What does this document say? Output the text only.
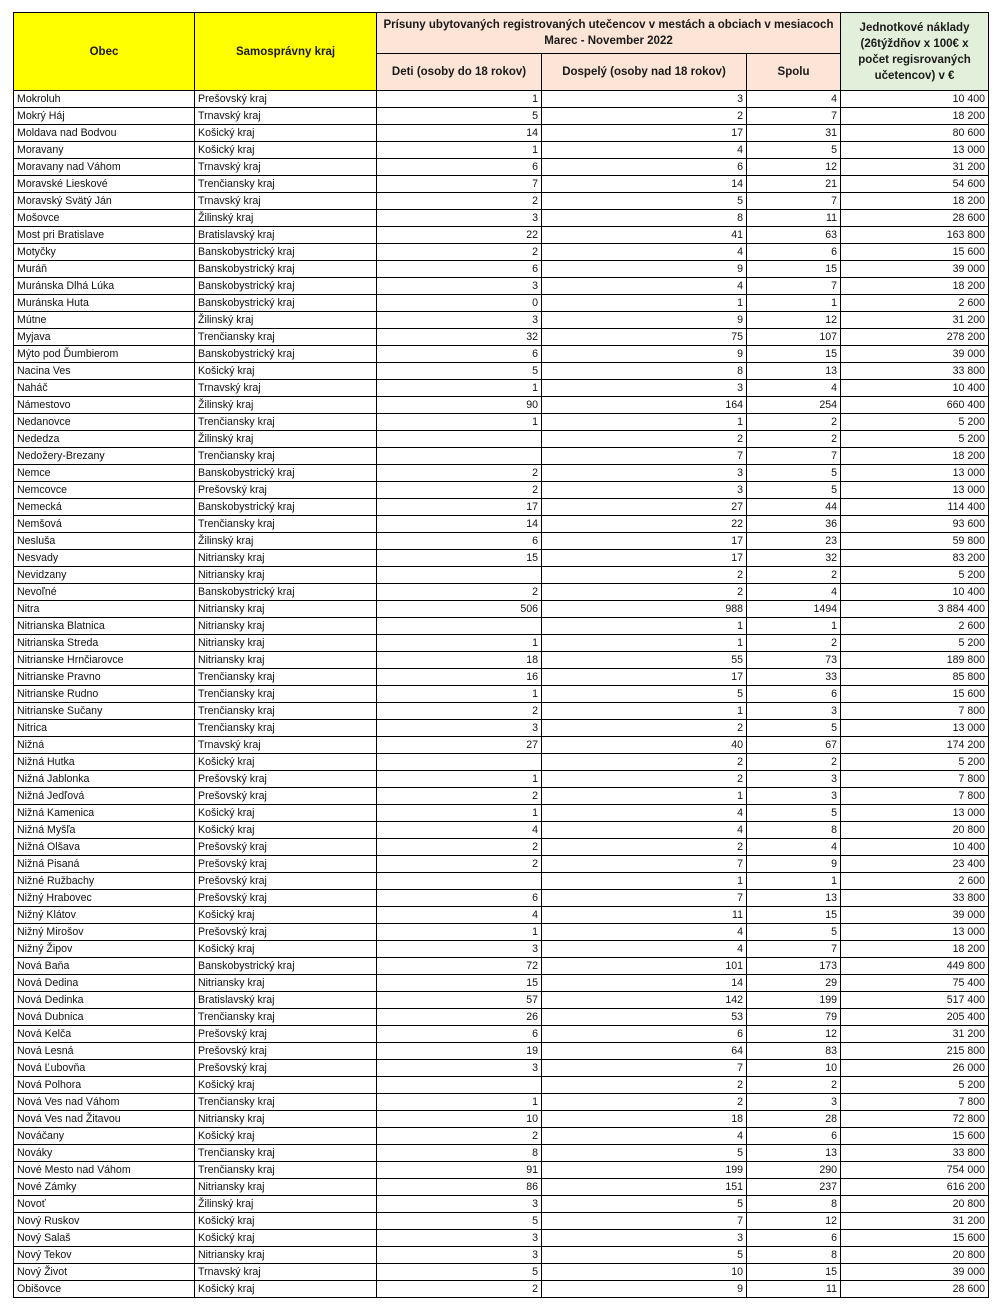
Obec	Samosprávny kraj	Prísuny ubytovaných registrovaných utečencov v mestách a obciach v mesiacoch Marec - November 2022			Jednotkové náklady (26týždňov x 100€ x počet regisrovaných učetencov) v €
		Deti (osoby do 18 rokov)	Dospelý (osoby nad 18 rokov)	Spolu	
Mokroluh	Prešovský kraj	1	3	4	10 400
Mokrý Háj	Trnavský kraj	5	2	7	18 200
Moldava nad Bodvou	Košický kraj	14	17	31	80 600
Moravany	Košický kraj	1	4	5	13 000
Moravany nad Váhom	Trnavský kraj	6	6	12	31 200
Moravské Lieskové	Trenčiansky kraj	7	14	21	54 600
Moravský Svätý Ján	Trnavský kraj	2	5	7	18 200
Mošovce	Žilinský kraj	3	8	11	28 600
Most pri Bratislave	Bratislavský kraj	22	41	63	163 800
Motyčky	Banskobystrický kraj	2	4	6	15 600
Muráň	Banskobystrický kraj	6	9	15	39 000
Muránska Dlhá Lúka	Banskobystrický kraj	3	4	7	18 200
Muránska Huta	Banskobystrický kraj	0	1	1	2 600
Mútne	Žilinský kraj	3	9	12	31 200
Myjava	Trenčiansky kraj	32	75	107	278 200
Mýto pod Ďumbierom	Banskobystrický kraj	6	9	15	39 000
Nacina Ves	Košický kraj	5	8	13	33 800
Naháč	Trnavský kraj	1	3	4	10 400
Námestovo	Žilinský kraj	90	164	254	660 400
Nedanovce	Trenčiansky kraj	1	1	2	5 200
Nededza	Žilinský kraj		2	2	5 200
Nedožery-Brezany	Trenčiansky kraj		7	7	18 200
Nemce	Banskobystrický kraj	2	3	5	13 000
Nemcovce	Prešovský kraj	2	3	5	13 000
Nemecká	Banskobystrický kraj	17	27	44	114 400
Nemšová	Trenčiansky kraj	14	22	36	93 600
Nesluša	Žilinský kraj	6	17	23	59 800
Nesvady	Nitriansky kraj	15	17	32	83 200
Nevidzany	Nitriansky kraj		2	2	5 200
Nevoľné	Banskobystrický kraj	2	2	4	10 400
Nitra	Nitriansky kraj	506	988	1494	3 884 400
Nitrianska Blatnica	Nitriansky kraj		1	1	2 600
Nitrianska Streda	Nitriansky kraj	1	1	2	5 200
Nitrianske Hrnčiarovce	Nitriansky kraj	18	55	73	189 800
Nitrianske Pravno	Trenčiansky kraj	16	17	33	85 800
Nitrianske Rudno	Trenčiansky kraj	1	5	6	15 600
Nitrianske Sučany	Trenčiansky kraj	2	1	3	7 800
Nitrica	Trenčiansky kraj	3	2	5	13 000
Nižná	Trnavský kraj	27	40	67	174 200
Nižná Hutka	Košický kraj		2	2	5 200
Nižná Jablonka	Prešovský kraj	1	2	3	7 800
Nižná Jedľová	Prešovský kraj	2	1	3	7 800
Nižná Kamenica	Košický kraj	1	4	5	13 000
Nižná Myšľa	Košický kraj	4	4	8	20 800
Nižná Olšava	Prešovský kraj	2	2	4	10 400
Nižná Pisaná	Prešovský kraj	2	7	9	23 400
Nižné Ružbachy	Prešovský kraj		1	1	2 600
Nižný Hrabovec	Prešovský kraj	6	7	13	33 800
Nižný Klátov	Košický kraj	4	11	15	39 000
Nižný Mirošov	Prešovský kraj	1	4	5	13 000
Nižný Žipov	Košický kraj	3	4	7	18 200
Nová Baňa	Banskobystrický kraj	72	101	173	449 800
Nová Dedina	Nitriansky kraj	15	14	29	75 400
Nová Dedinka	Bratislavský kraj	57	142	199	517 400
Nová Dubnica	Trenčiansky kraj	26	53	79	205 400
Nová Kelča	Prešovský kraj	6	6	12	31 200
Nová Lesná	Prešovský kraj	19	64	83	215 800
Nová Ľubovňa	Prešovský kraj	3	7	10	26 000
Nová Polhora	Košický kraj		2	2	5 200
Nová Ves nad Váhom	Trenčiansky kraj	1	2	3	7 800
Nová Ves nad Žitavou	Nitriansky kraj	10	18	28	72 800
Nováčany	Košický kraj	2	4	6	15 600
Nováky	Trenčiansky kraj	8	5	13	33 800
Nové Mesto nad Váhom	Trenčiansky kraj	91	199	290	754 000
Nové Zámky	Nitriansky kraj	86	151	237	616 200
Novoť	Žilinský kraj	3	5	8	20 800
Nový Ruskov	Košický kraj	5	7	12	31 200
Nový Salaš	Košický kraj	3	3	6	15 600
Nový Tekov	Nitriansky kraj	3	5	8	20 800
Nový Život	Trnavský kraj	5	10	15	39 000
Obišovce	Košický kraj	2	9	11	28 600
